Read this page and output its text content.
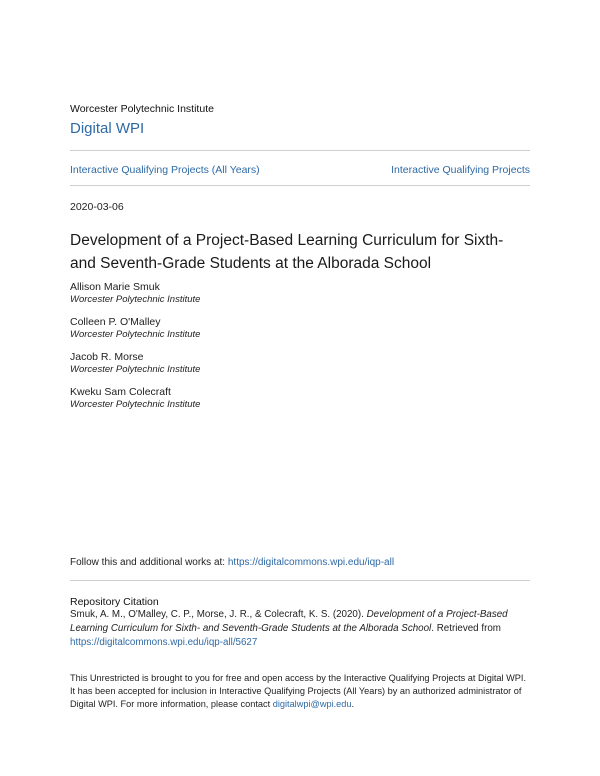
Worcester Polytechnic Institute
Digital WPI
Interactive Qualifying Projects (All Years)	Interactive Qualifying Projects
2020-03-06
Development of a Project-Based Learning Curriculum for Sixth-
and Seventh-Grade Students at the Alborada School
Allison Marie Smuk
Worcester Polytechnic Institute
Colleen P. O'Malley
Worcester Polytechnic Institute
Jacob R. Morse
Worcester Polytechnic Institute
Kweku Sam Colecraft
Worcester Polytechnic Institute
Follow this and additional works at: https://digitalcommons.wpi.edu/iqp-all
Repository Citation
Smuk, A. M., O'Malley, C. P., Morse, J. R., & Colecraft, K. S. (2020). Development of a Project-Based Learning Curriculum for Sixth- and Seventh-Grade Students at the Alborada School. Retrieved from
https://digitalcommons.wpi.edu/iqp-all/5627
This Unrestricted is brought to you for free and open access by the Interactive Qualifying Projects at Digital WPI. It has been accepted for inclusion in Interactive Qualifying Projects (All Years) by an authorized administrator of Digital WPI. For more information, please contact digitalwpi@wpi.edu.
